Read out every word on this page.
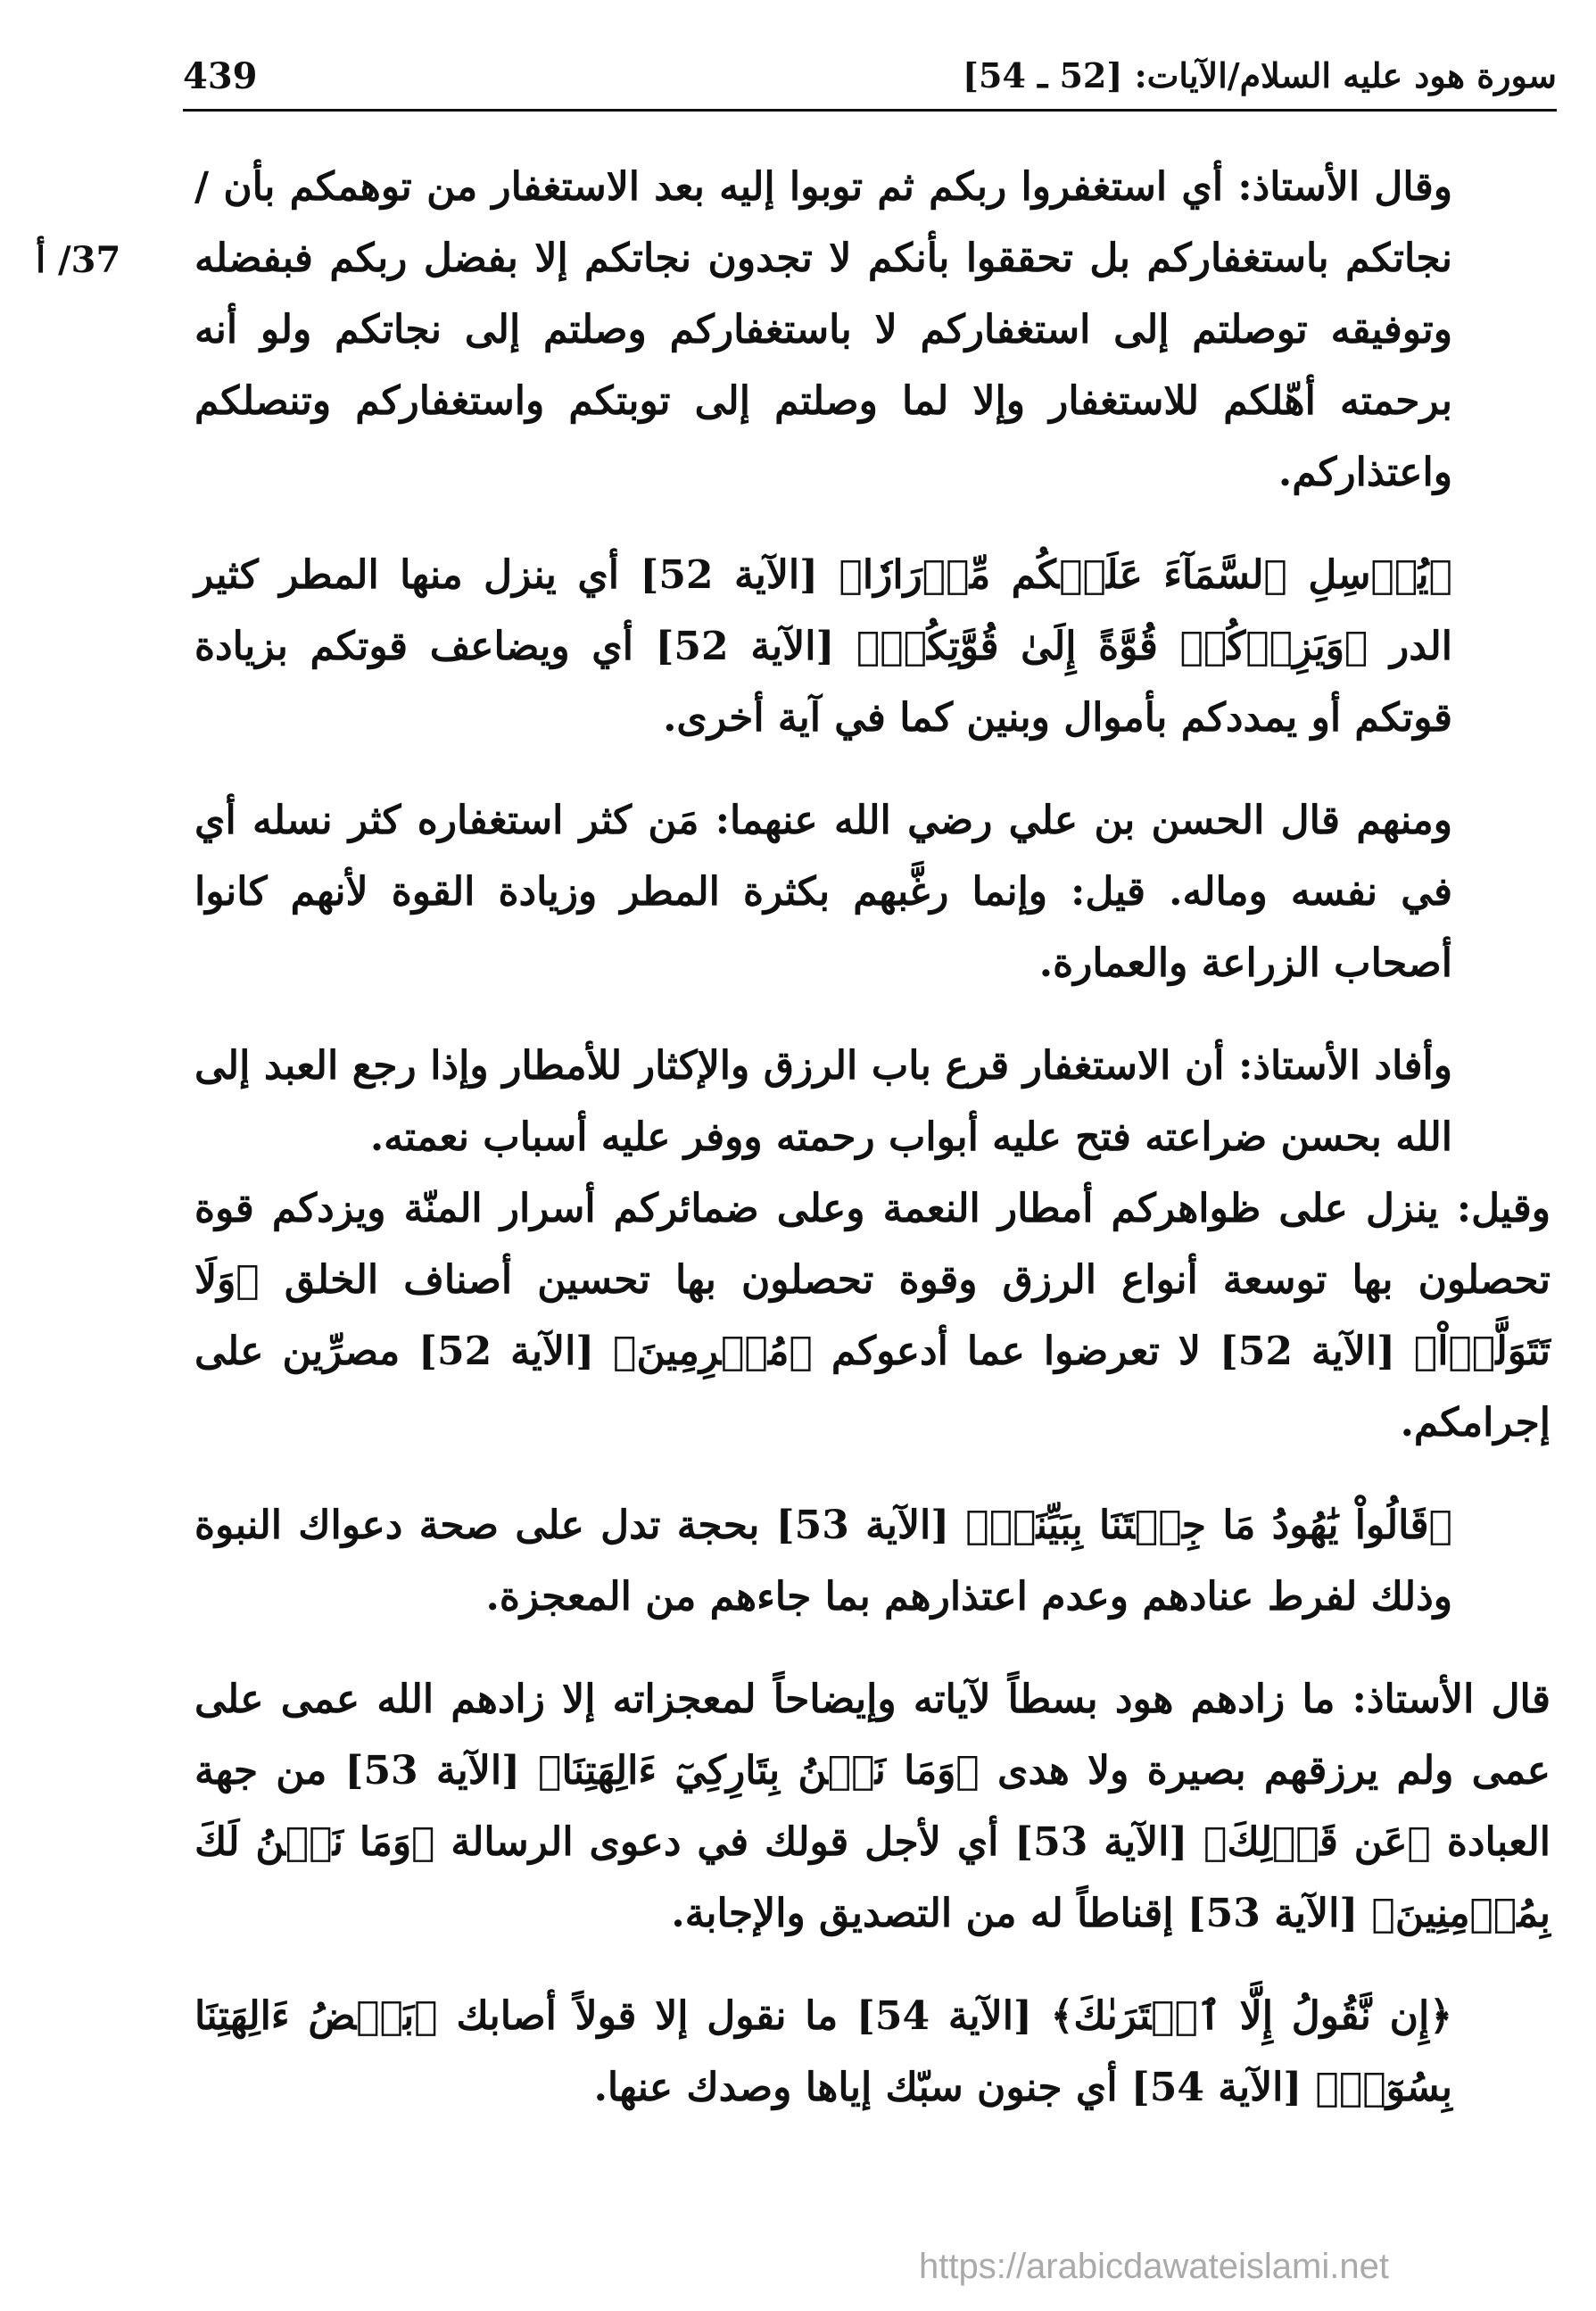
سورة هود عليه السلام/الآيات: [52 ـ 54]
439
37/ أ

وقال الأستاذ: أي استغفروا ربكم ثم توبوا إليه بعد الاستغفار من توهمكم بأن / نجاتكم باستغفاركم بل تحققوا بأنكم لا تجدون نجاتكم إلا بفضل ربكم فبفضله وتوفيقه توصلتم إلى استغفاركم لا باستغفاركم وصلتم إلى نجاتكم ولو أنه برحمته أهّلكم للاستغفار وإلا لما وصلتم إلى توبتكم واستغفاركم وتنصلكم واعتذاركم.

﴿يُرۡسِلِ ٱلسَّمَآءَ عَلَيۡكُم مِّدۡرَارٗا﴾ [الآية 52] أي ينزل منها المطر كثير الدر ﴿وَيَزِدۡكُمۡ قُوَّةً إِلَىٰ قُوَّتِكُمۡ﴾ [الآية 52] أي ويضاعف قوتكم بزيادة قوتكم أو يمددكم بأموال وبنين كما في آية أخرى.

ومنهم قال الحسن بن علي رضي الله عنهما: مَن كثر استغفاره كثر نسله أي في نفسه وماله. قيل: وإنما رغَّبهم بكثرة المطر وزيادة القوة لأنهم كانوا أصحاب الزراعة والعمارة.

وأفاد الأستاذ: أن الاستغفار قرع باب الرزق والإكثار للأمطار وإذا رجع العبد إلى الله بحسن ضراعته فتح عليه أبواب رحمته ووفر عليه أسباب نعمته.

وقيل: ينزل على ظواهركم أمطار النعمة وعلى ضمائركم أسرار المنّة ويزدكم قوة تحصلون بها توسعة أنواع الرزق وقوة تحصلون بها تحسين أصناف الخلق ﴿وَلَا تَتَوَلَّوۡاْ﴾ [الآية 52] لا تعرضوا عما أدعوكم ﴿مُجۡرِمِينَ﴾ [الآية 52] مصرِّين على إجرامكم.

﴿قَالُواْ يَٰهُودُ مَا جِئۡتَنَا بِبَيِّنَةٖ﴾ [الآية 53] بحجة تدل على صحة دعواك النبوة وذلك لفرط عنادهم وعدم اعتذارهم بما جاءهم من المعجزة.

قال الأستاذ: ما زادهم هود بسطاً لآياته وإيضاحاً لمعجزاته إلا زادهم الله عمى على عمى ولم يرزقهم بصيرة ولا هدى ﴿وَمَا نَحۡنُ بِتَارِكِيٓ ءَالِهَتِنَا﴾ [الآية 53] من جهة العبادة ﴿عَن قَوۡلِكَ﴾ [الآية 53] أي لأجل قولك في دعوى الرسالة ﴿وَمَا نَحۡنُ لَكَ بِمُؤۡمِنِينَ﴾ [الآية 53] إقناطاً له من التصديق والإجابة.

﴿إِن نَّقُولُ إِلَّا ٱعۡتَرَىٰكَ﴾ [الآية 54] ما نقول إلا قولاً أصابك ﴿بَعۡضُ ءَالِهَتِنَا بِسُوٓءٖ﴾ [الآية 54] أي جنون سبّك إياها وصدك عنها.

https://arabicdawateislami.net
